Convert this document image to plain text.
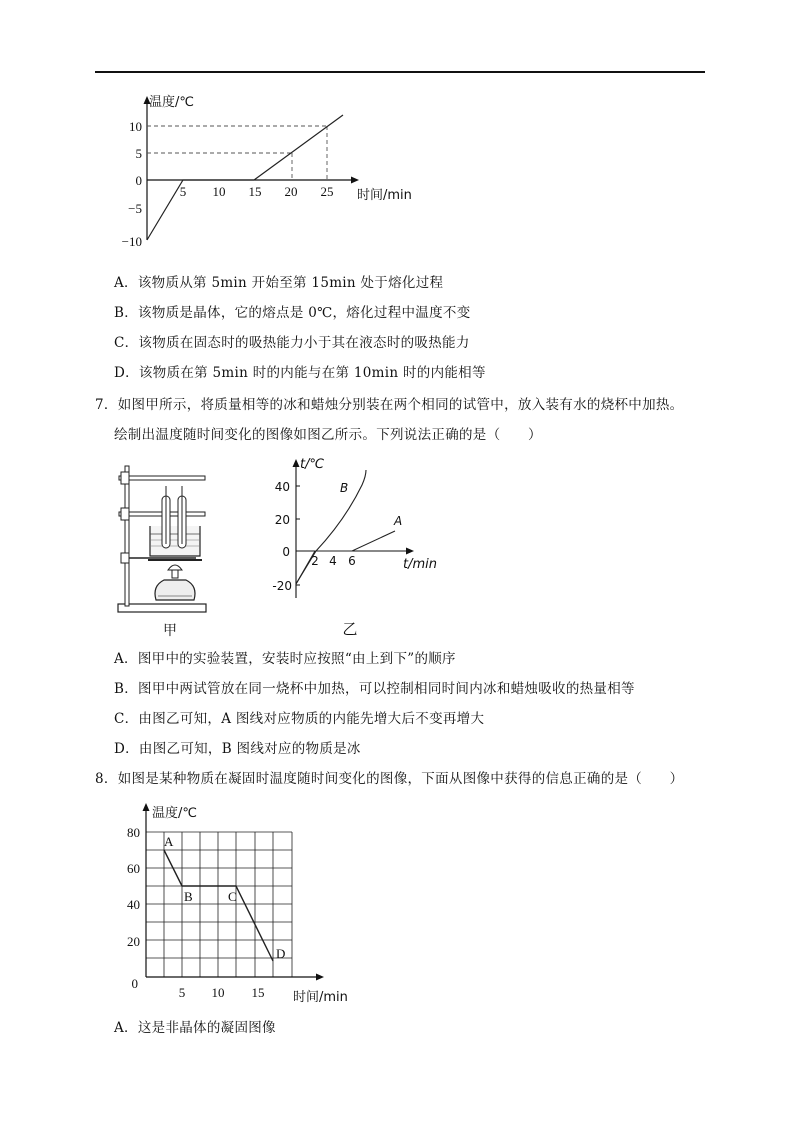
温度/℃
时间/min
10
5
0
−5
−10
5 10 15 20 25
A．该物质从第 5min 开始至第 15min 处于熔化过程
B．该物质是晶体，它的熔点是 0℃，熔化过程中温度不变
C．该物质在固态时的吸热能力小于其在液态时的吸热能力
D．该物质在第 5min 时的内能与在第 10min 时的内能相等
7．如图甲所示，将质量相等的冰和蜡烛分别装在两个相同的试管中，放入装有水的烧杯中加热。
绘制出温度随时间变化的图像如图乙所示。下列说法正确的是（　　）
甲
t/℃
t/min
B
A
40
20
0
-20
2 4 6
乙
A．图甲中的实验装置，安装时应按照“由上到下”的顺序
B．图甲中两试管放在同一烧杯中加热，可以控制相同时间内冰和蜡烛吸收的热量相等
C．由图乙可知，A 图线对应物质的内能先增大后不变再增大
D．由图乙可知，B 图线对应的物质是冰
8．如图是某种物质在凝固时温度随时间变化的图像，下面从图像中获得的信息正确的是（　　）
A
B	C
D
温度/℃
时间/min
80
60
40
20
0
5 10 15
A．这是非晶体的凝固图像
